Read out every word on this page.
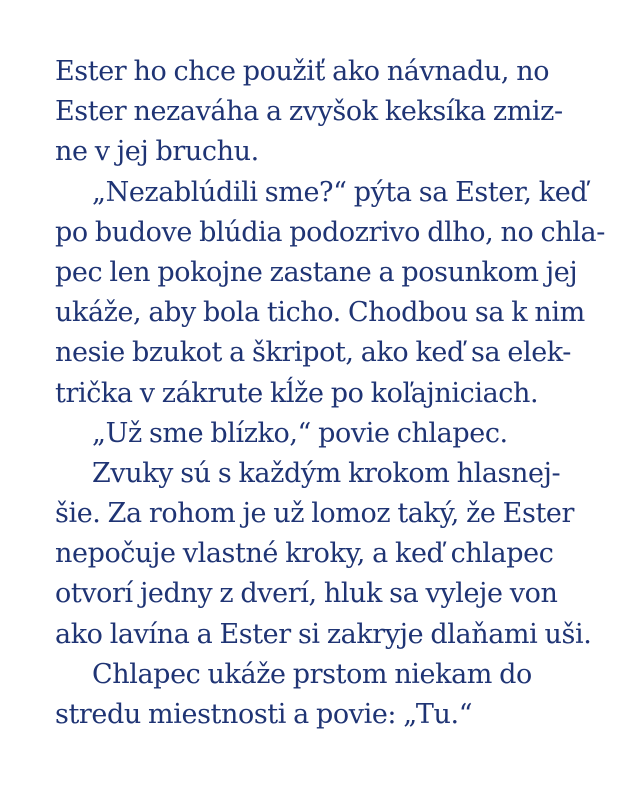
Ester ho chce použiť ako návnadu, no
Ester nezaváha a zvyšok keksíka zmiz-
ne v jej bruchu.
„Nezablúdili sme?“ pýta sa Ester, keď
po budove blúdia podozrivo dlho, no chla-
pec len pokojne zastane a posunkom jej
ukáže, aby bola ticho. Chodbou sa k nim
nesie bzukot a škripot, ako keď sa elek-
trička v zákrute kĺže po koľajniciach.
„Už sme blízko,“ povie chlapec.
Zvuky sú s každým krokom hlasnej-
šie. Za rohom je už lomoz taký, že Ester
nepočuje vlastné kroky, a keď chlapec
otvorí jedny z dverí, hluk sa vyleje von
ako lavína a Ester si zakryje dlaňami uši.
Chlapec ukáže prstom niekam do
stredu miestnosti a povie: „Tu.“
